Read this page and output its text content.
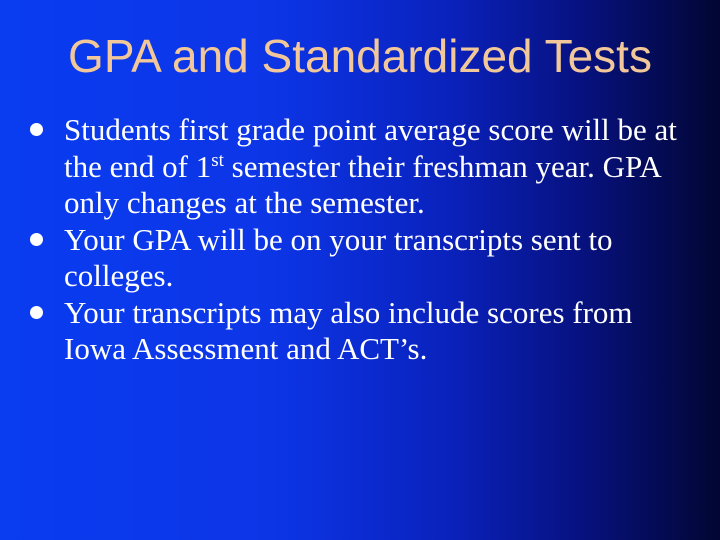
GPA and Standardized Tests
Students first grade point average score will be at the end of 1st semester their freshman year. GPA only changes at the semester.
Your GPA will be on your transcripts sent to colleges.
Your transcripts may also include scores from Iowa Assessment and ACT’s.
